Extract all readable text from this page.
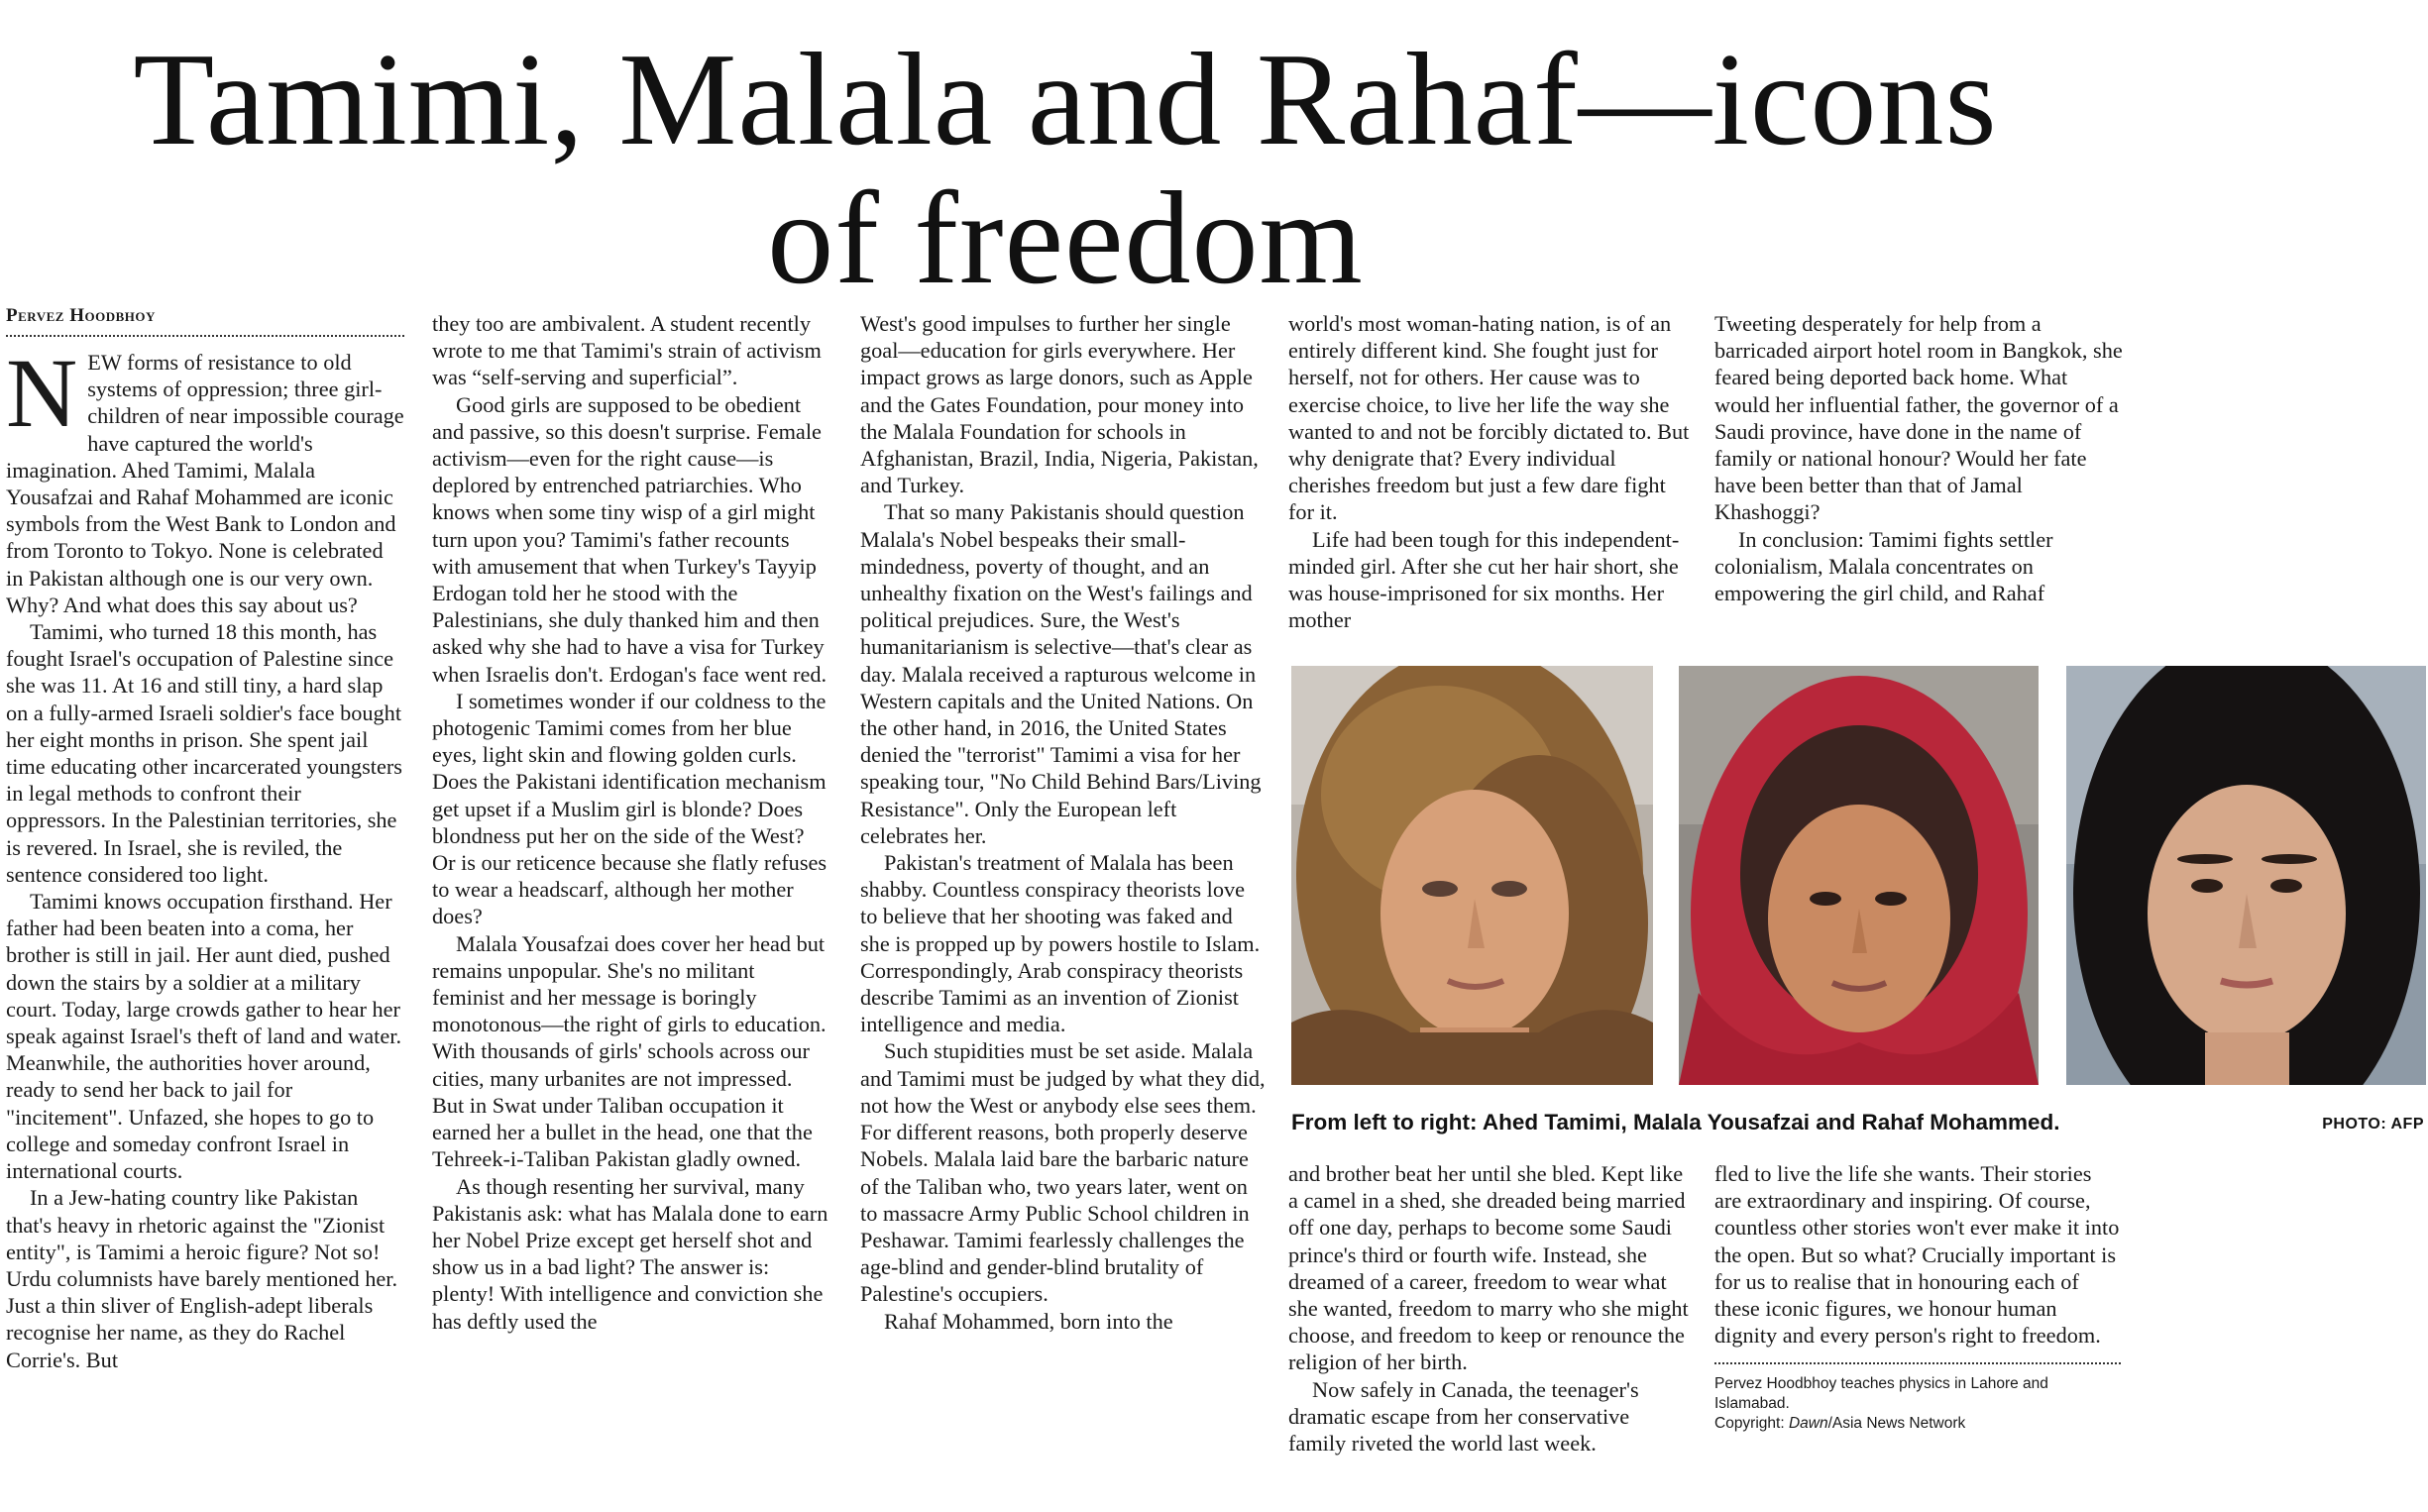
Tamimi, Malala and Rahaf—icons
of freedom
Pervez Hoodbhoy

NEW forms of resistance to old systems of oppression; three girl-children of near impossible courage have captured the world's imagination. Ahed Tamimi, Malala Yousafzai and Rahaf Mohammed are iconic symbols from the West Bank to London and from Toronto to Tokyo. None is celebrated in Pakistan although one is our very own. Why? And what does this say about us?

Tamimi, who turned 18 this month, has fought Israel's occupation of Palestine since she was 11. At 16 and still tiny, a hard slap on a fully-armed Israeli soldier's face bought her eight months in prison. She spent jail time educating other incarcerated youngsters in legal methods to confront their oppressors. In the Palestinian territories, she is revered. In Israel, she is reviled, the sentence considered too light.

Tamimi knows occupation firsthand. Her father had been beaten into a coma, her brother is still in jail. Her aunt died, pushed down the stairs by a soldier at a military court. Today, large crowds gather to hear her speak against Israel's theft of land and water. Meanwhile, the authorities hover around, ready to send her back to jail for "incitement". Unfazed, she hopes to go to college and someday confront Israel in international courts.

In a Jew-hating country like Pakistan that's heavy in rhetoric against the "Zionist entity", is Tamimi a heroic figure? Not so! Urdu columnists have barely mentioned her. Just a thin sliver of English-adept liberals recognise her name, as they do Rachel Corrie's. But

they too are ambivalent. A student recently wrote to me that Tamimi's strain of activism was “self-serving and superficial”.

Good girls are supposed to be obedient and passive, so this doesn't surprise. Female activism—even for the right cause—is deplored by entrenched patriarchies. Who knows when some tiny wisp of a girl might turn upon you? Tamimi's father recounts with amusement that when Turkey's Tayyip Erdogan told her he stood with the Palestinians, she duly thanked him and then asked why she had to have a visa for Turkey when Israelis don't. Erdogan's face went red.

I sometimes wonder if our coldness to the photogenic Tamimi comes from her blue eyes, light skin and flowing golden curls. Does the Pakistani identification mechanism get upset if a Muslim girl is blonde? Does blondness put her on the side of the West? Or is our reticence because she flatly refuses to wear a headscarf, although her mother does?

Malala Yousafzai does cover her head but remains unpopular. She's no militant feminist and her message is boringly monotonous—the right of girls to education. With thousands of girls' schools across our cities, many urbanites are not impressed. But in Swat under Taliban occupation it earned her a bullet in the head, one that the Tehreek-i-Taliban Pakistan gladly owned.

As though resenting her survival, many Pakistanis ask: what has Malala done to earn her Nobel Prize except get herself shot and show us in a bad light? The answer is: plenty! With intelligence and conviction she has deftly used the

West's good impulses to further her single goal—education for girls everywhere. Her impact grows as large donors, such as Apple and the Gates Foundation, pour money into the Malala Foundation for schools in Afghanistan, Brazil, India, Nigeria, Pakistan, and Turkey.

That so many Pakistanis should question Malala's Nobel bespeaks their small-mindedness, poverty of thought, and an unhealthy fixation on the West's failings and political prejudices. Sure, the West's humanitarianism is selective—that's clear as day. Malala received a rapturous welcome in Western capitals and the United Nations. On the other hand, in 2016, the United States denied the "terrorist" Tamimi a visa for her speaking tour, "No Child Behind Bars/Living Resistance". Only the European left celebrates her.

Pakistan's treatment of Malala has been shabby. Countless conspiracy theorists love to believe that her shooting was faked and she is propped up by powers hostile to Islam. Correspondingly, Arab conspiracy theorists describe Tamimi as an invention of Zionist intelligence and media.

Such stupidities must be set aside. Malala and Tamimi must be judged by what they did, not how the West or anybody else sees them. For different reasons, both properly deserve Nobels. Malala laid bare the barbaric nature of the Taliban who, two years later, went on to massacre Army Public School children in Peshawar. Tamimi fearlessly challenges the age-blind and gender-blind brutality of Palestine's occupiers.

Rahaf Mohammed, born into the

world's most woman-hating nation, is of an entirely different kind. She fought just for herself, not for others. Her cause was to exercise choice, to live her life the way she wanted to and not be forcibly dictated to. But why denigrate that? Every individual cherishes freedom but just a few dare fight for it.

Life had been tough for this independent-minded girl. After she cut her hair short, she was house-imprisoned for six months. Her mother

Tweeting desperately for help from a barricaded airport hotel room in Bangkok, she feared being deported back home. What would her influential father, the governor of a Saudi province, have done in the name of family or national honour? Would her fate have been better than that of Jamal Khashoggi?

In conclusion: Tamimi fights settler colonialism, Malala concentrates on empowering the girl child, and Rahaf

From left to right: Ahed Tamimi, Malala Yousafzai and Rahaf Mohammed.	PHOTO: AFP

and brother beat her until she bled. Kept like a camel in a shed, she dreaded being married off one day, perhaps to become some Saudi prince's third or fourth wife. Instead, she dreamed of a career, freedom to wear what she wanted, freedom to marry who she might choose, and freedom to keep or renounce the religion of her birth.

Now safely in Canada, the teenager's dramatic escape from her conservative family riveted the world last week.

fled to live the life she wants. Their stories are extraordinary and inspiring. Of course, countless other stories won't ever make it into the open. But so what? Crucially important is for us to realise that in honouring each of these iconic figures, we honour human dignity and every person's right to freedom.

Pervez Hoodbhoy teaches physics in Lahore and Islamabad.
Copyright: Dawn/Asia News Network
